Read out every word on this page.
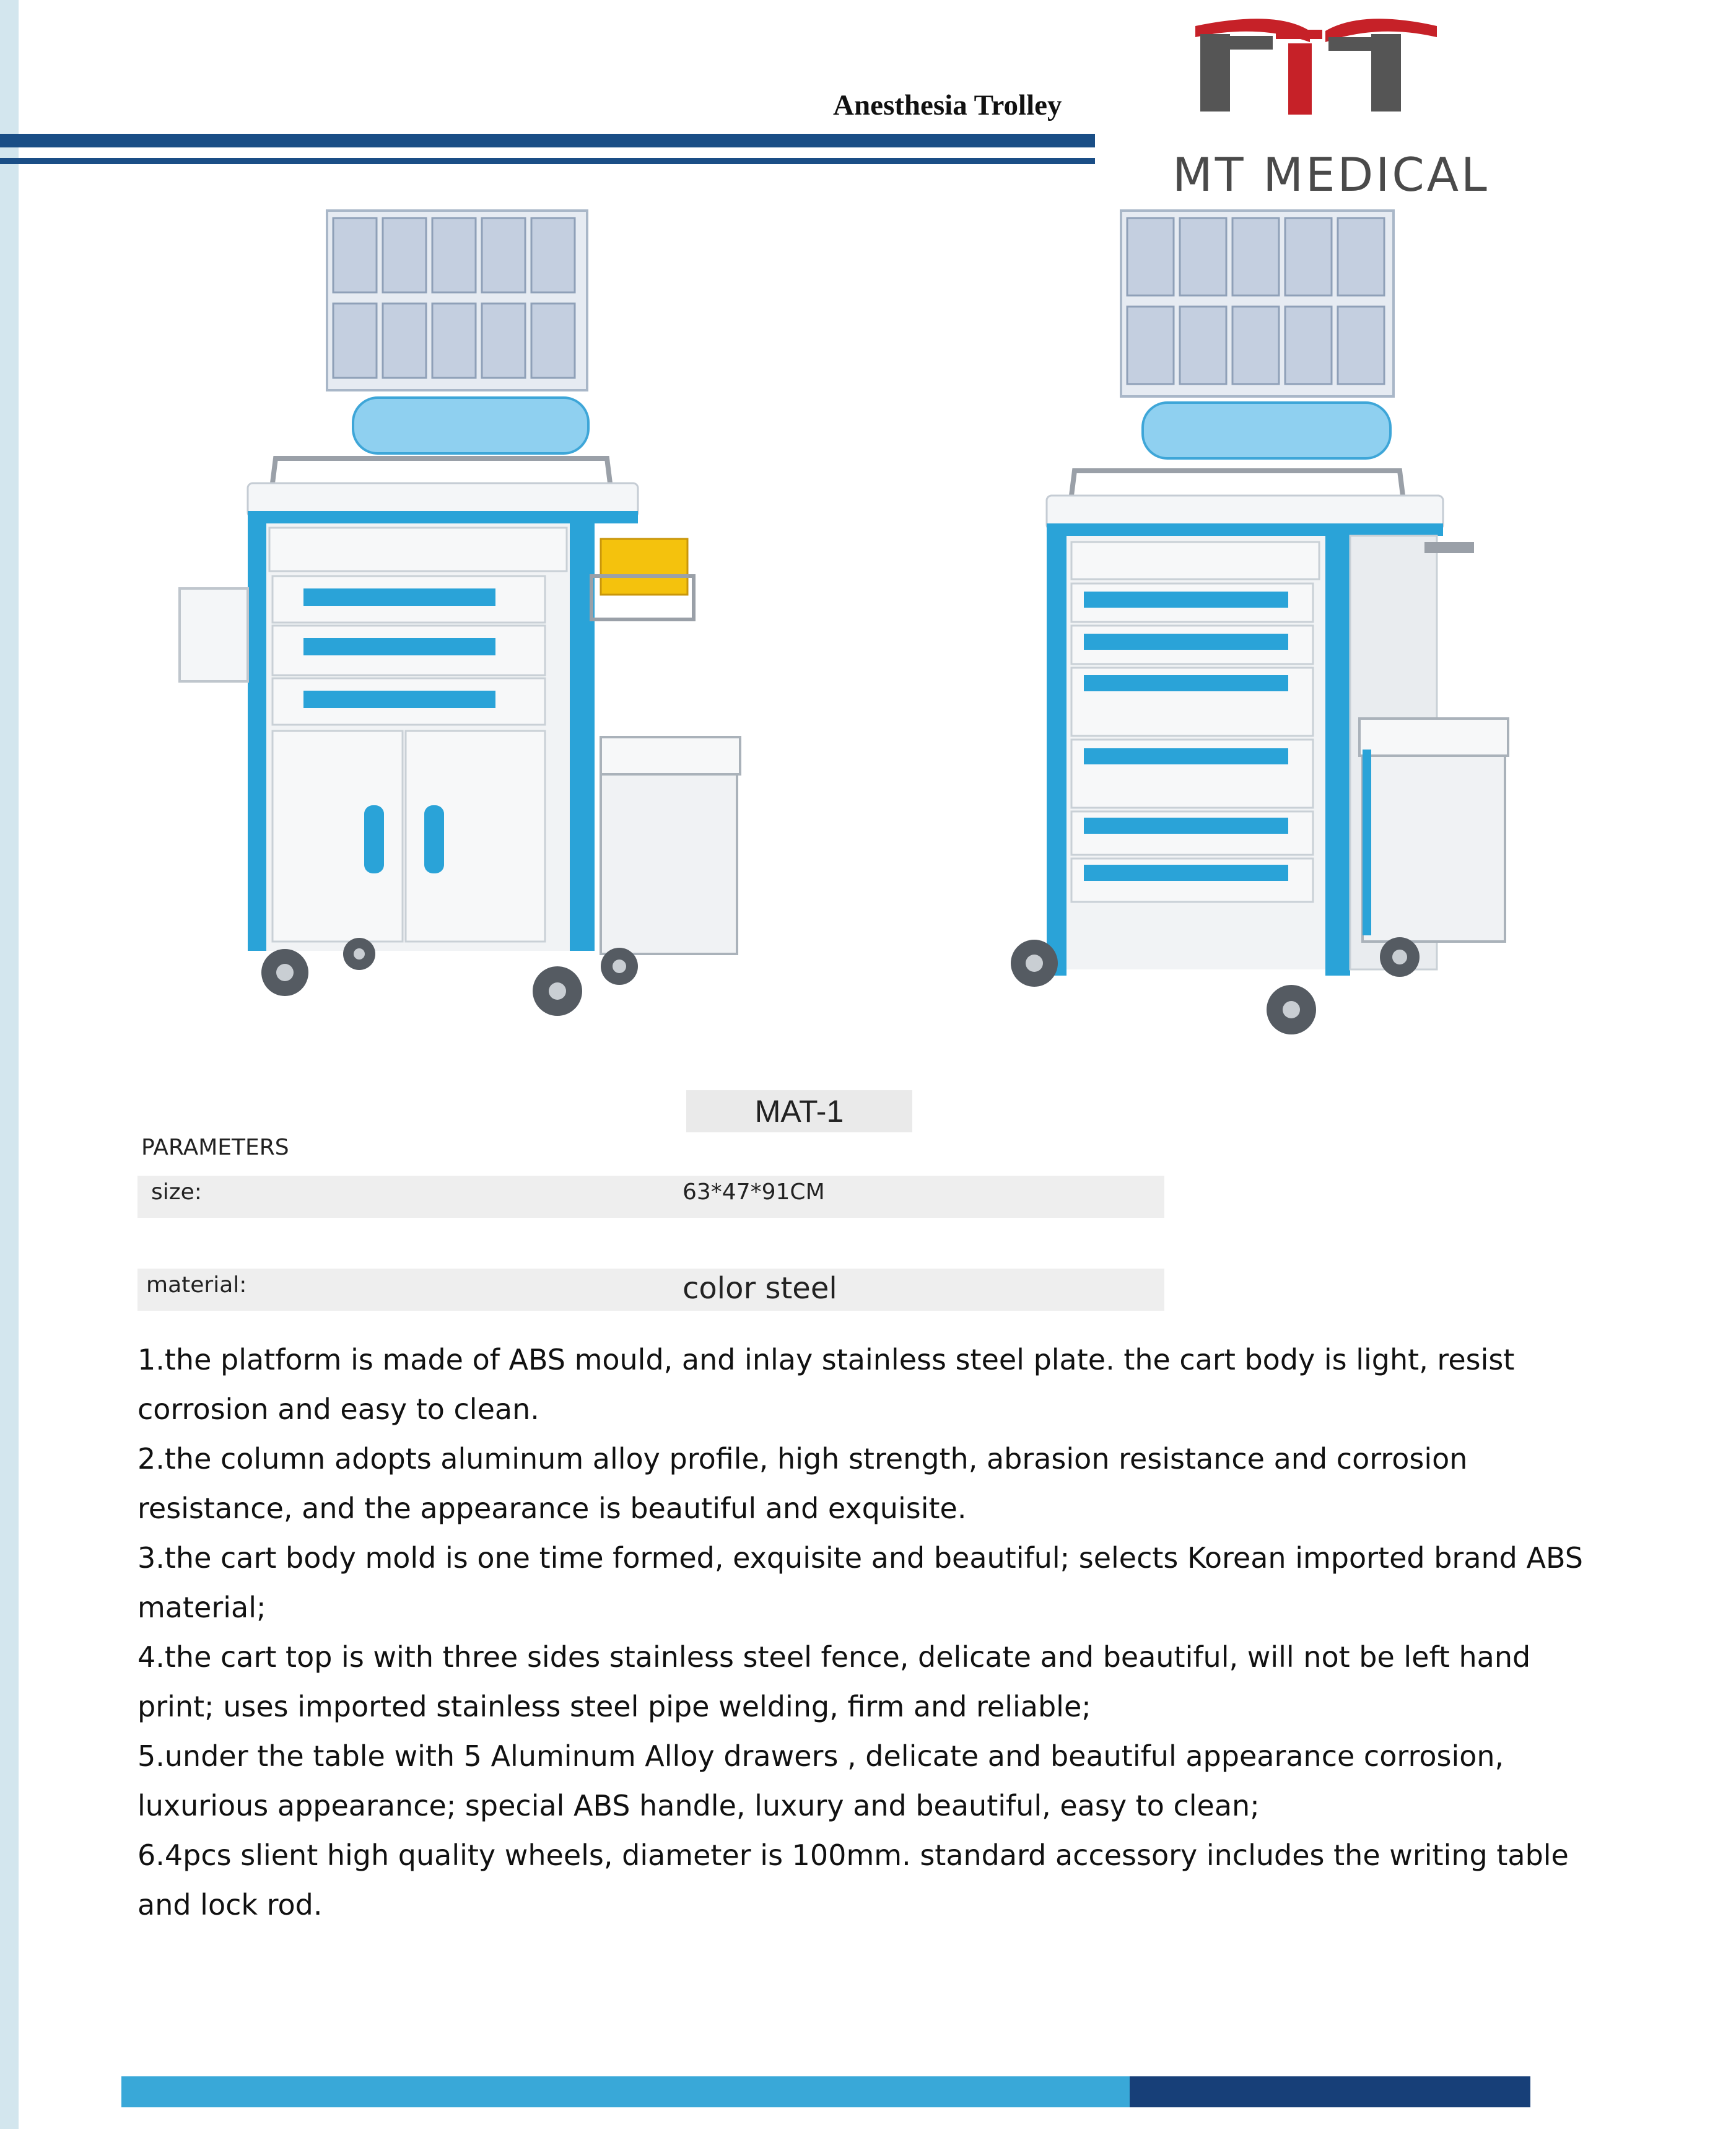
Anesthesia Trolley
MT MEDICAL
MAT-1
PARAMETERS
size:	63*47*91CM
material:	color steel

1.the platform is made of ABS mould, and inlay stainless steel plate. the cart body is light, resist corrosion and easy to clean.

2.the column adopts aluminum alloy profile, high strength, abrasion resistance and corrosion resistance, and the appearance is beautiful and exquisite.

3.the cart body mold is one time formed, exquisite and beautiful; selects Korean imported brand ABS material;

4.the cart top is with three sides stainless steel fence, delicate and beautiful, will not be left hand print; uses imported stainless steel pipe welding, firm and reliable;

5.under the table with 5 Aluminum Alloy drawers , delicate and beautiful appearance corrosion, luxurious appearance; special ABS handle, luxury and beautiful, easy to clean;

6.4pcs slient high quality wheels, diameter is 100mm. standard accessory includes the writing table and lock rod.
